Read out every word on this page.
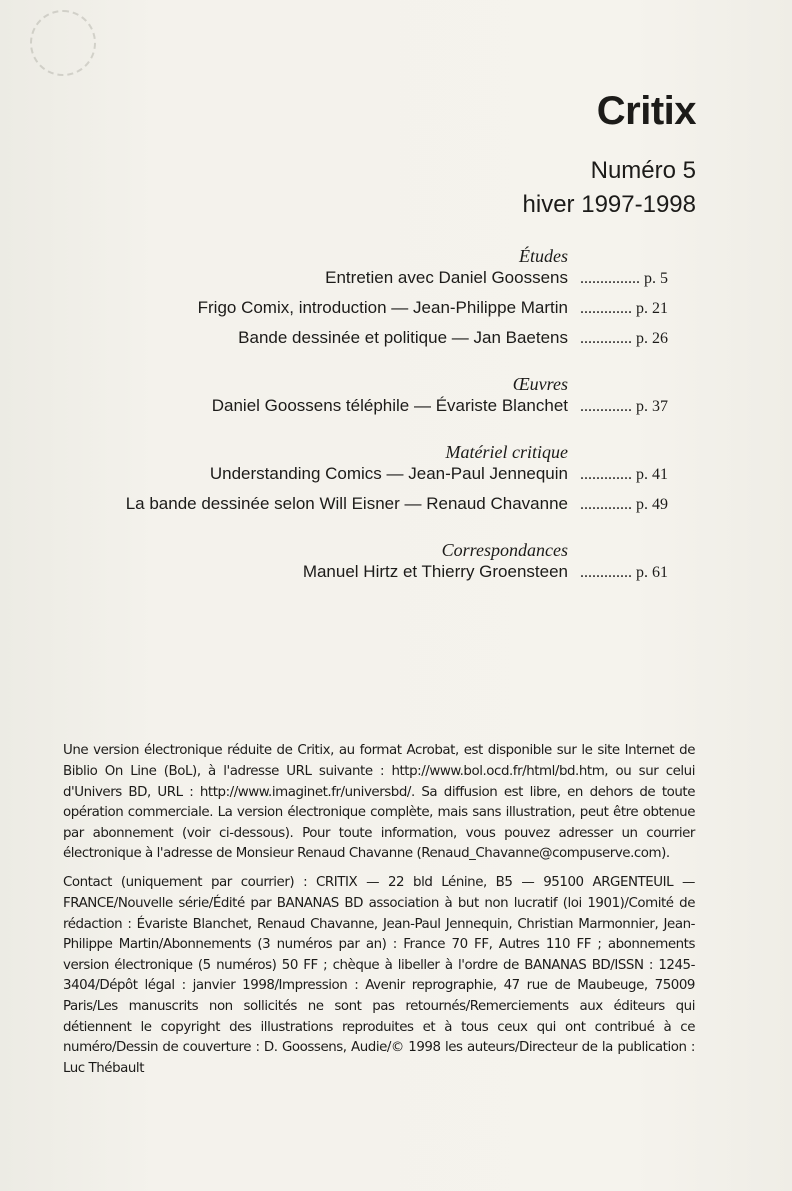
Critix
Numéro 5
hiver 1997-1998
Études
Entretien avec Daniel Goossens ............... p. 5
Frigo Comix, introduction — Jean-Philippe Martin ............. p. 21
Bande dessinée et politique — Jan Baetens ............. p. 26
Œuvres
Daniel Goossens téléphile — Évariste Blanchet ............. p. 37
Matériel critique
Understanding Comics — Jean-Paul Jennequin ............. p. 41
La bande dessinée selon Will Eisner — Renaud Chavanne ............. p. 49
Correspondances
Manuel Hirtz et Thierry Groensteen ............. p. 61

Une version électronique réduite de Critix, au format Acrobat, est disponible sur le site Internet de Biblio On Line (BoL), à l'adresse URL suivante : http://www.bol.ocd.fr/html/bd.htm, ou sur celui d'Univers BD, URL : http://www.imaginet.fr/universbd/. Sa diffusion est libre, en dehors de toute opération commerciale. La version électronique complète, mais sans illustration, peut être obtenue par abonnement (voir ci-dessous). Pour toute information, vous pouvez adresser un courrier électronique à l'adresse de Monsieur Renaud Chavanne (Renaud_Chavanne@compuserve.com).

Contact (uniquement par courrier) : CRITIX — 22 bld Lénine, B5 — 95100 ARGENTEUIL — FRANCE/Nouvelle série/Édité par BANANAS BD association à but non lucratif (loi 1901)/Comité de rédaction : Évariste Blanchet, Renaud Chavanne, Jean-Paul Jennequin, Christian Marmonnier, Jean-Philippe Martin/Abonnements (3 numéros par an) : France 70 FF, Autres 110 FF ; abonnements version électronique (5 numéros) 50 FF ; chèque à libeller à l'ordre de BANANAS BD/ISSN : 1245-3404/Dépôt légal : janvier 1998/Impression : Avenir reprographie, 47 rue de Maubeuge, 75009 Paris/Les manuscrits non sollicités ne sont pas retournés/Remerciements aux éditeurs qui détiennent le copyright des illustrations reproduites et à tous ceux qui ont contribué à ce numéro/Dessin de couverture : D. Goossens, Audie/© 1998 les auteurs/Directeur de la publication : Luc Thébault
